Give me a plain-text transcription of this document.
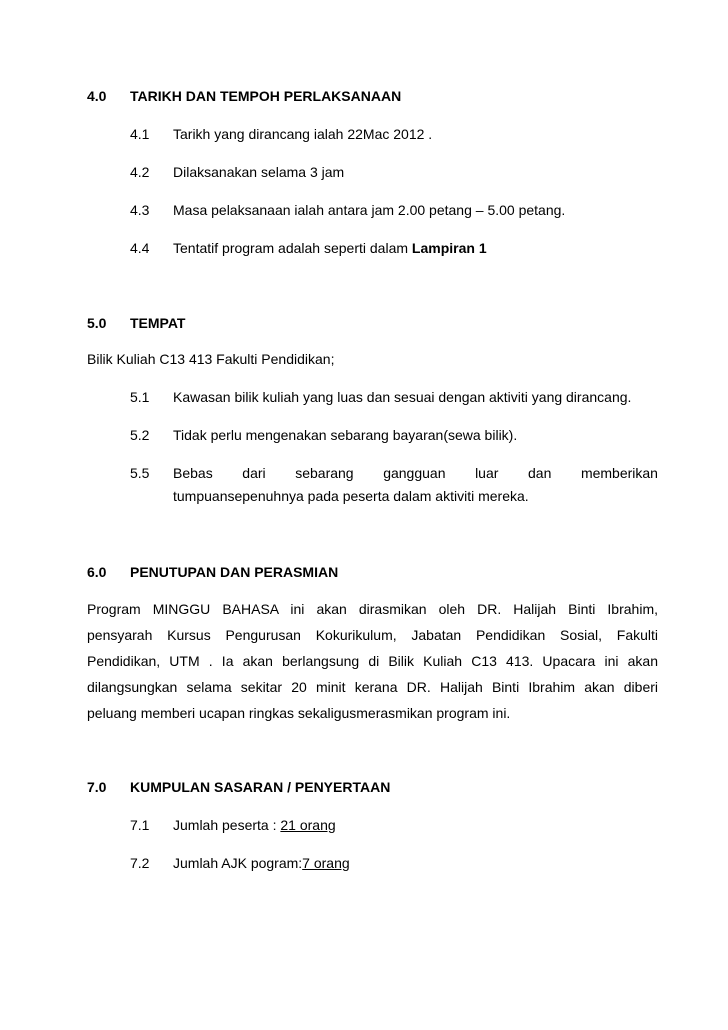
4.0 TARIKH DAN TEMPOH PERLAKSANAAN
4.1 Tarikh yang dirancang ialah 22Mac 2012 .
4.2 Dilaksanakan selama 3 jam
4.3 Masa pelaksanaan ialah antara jam 2.00 petang – 5.00 petang.
4.4 Tentatif program adalah seperti dalam Lampiran 1
5.0 TEMPAT
Bilik Kuliah C13 413 Fakulti Pendidikan;
5.1 Kawasan bilik kuliah yang luas dan sesuai dengan aktiviti yang dirancang.
5.2 Tidak perlu mengenakan sebarang bayaran(sewa bilik).
5.5 Bebas dari sebarang gangguan luar dan memberikan
tumpuansepenuhnya pada peserta dalam aktiviti mereka.
6.0 PENUTUPAN DAN PERASMIAN
Program MINGGU BAHASA ini akan dirasmikan oleh DR. Halijah Binti Ibrahim,
pensyarah Kursus Pengurusan Kokurikulum, Jabatan Pendidikan Sosial, Fakulti
Pendidikan, UTM . Ia akan berlangsung di Bilik Kuliah C13 413. Upacara ini akan
dilangsungkan selama sekitar 20 minit kerana DR. Halijah Binti Ibrahim akan diberi
peluang memberi ucapan ringkas sekaligusmerasmikan program ini.
7.0 KUMPULAN SASARAN / PENYERTAAN
7.1 Jumlah peserta : 21 orang
7.2 Jumlah AJK pogram:7 orang
